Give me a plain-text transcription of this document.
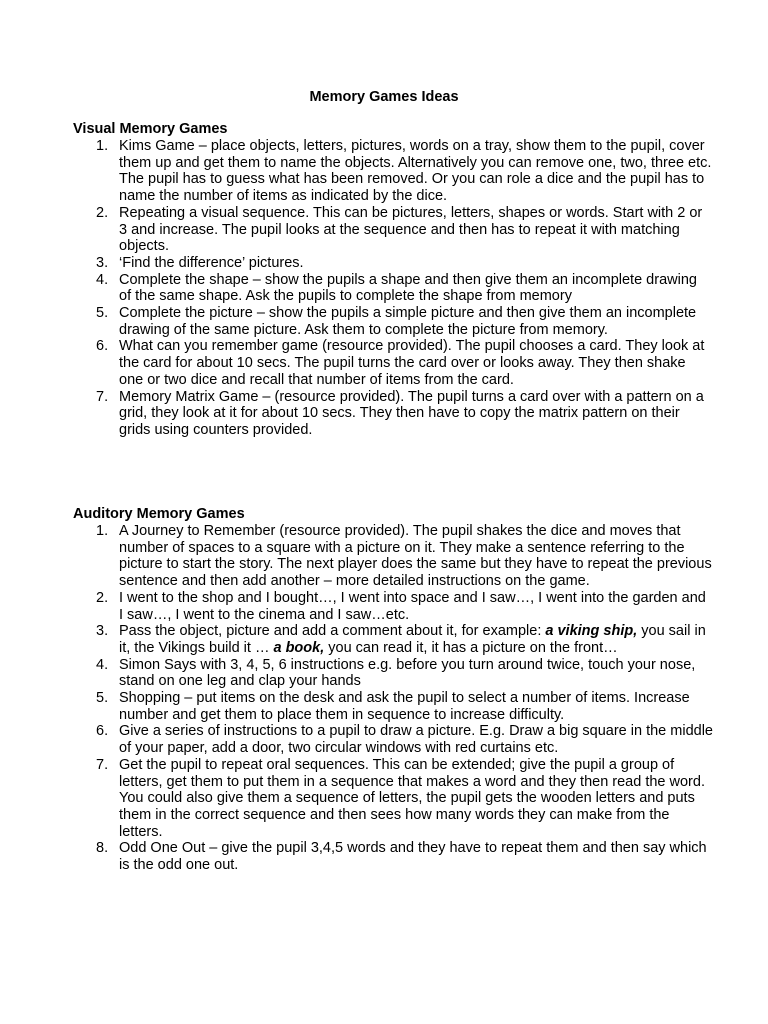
Memory Games Ideas
Visual Memory Games
1. Kims Game – place objects, letters, pictures, words on a tray, show them to the pupil, cover them up and get them to name the objects. Alternatively you can remove one, two, three etc. The pupil has to guess what has been removed. Or you can role a dice and the pupil has to name the number of items as indicated by the dice.
2. Repeating a visual sequence. This can be pictures, letters, shapes or words. Start with 2 or 3 and increase. The pupil looks at the sequence and then has to repeat it with matching objects.
3. ‘Find the difference’ pictures.
4. Complete the shape – show the pupils a shape and then give them an incomplete drawing of the same shape. Ask the pupils to complete the shape from memory
5. Complete the picture – show the pupils a simple picture and then give them an incomplete drawing of the same picture. Ask them to complete the picture from memory.
6. What can you remember game (resource provided). The pupil chooses a card. They look at the card for about 10 secs. The pupil turns the card over or looks away. They then shake one or two dice and recall that number of items from the card.
7. Memory Matrix Game – (resource provided). The pupil turns a card over with a pattern on a grid, they look at it for about 10 secs. They then have to copy the matrix pattern on their grids using counters provided.
Auditory Memory Games
1. A Journey to Remember (resource provided). The pupil shakes the dice and moves that number of spaces to a square with a picture on it. They make a sentence referring to the picture to start the story. The next player does the same but they have to repeat the previous sentence and then add another – more detailed instructions on the game.
2. I went to the shop and I bought…, I went into space and I saw…, I went into the garden and I saw…, I went to the cinema and I saw…etc.
3. Pass the object, picture and add a comment about it, for example: a viking ship, you sail in it, the Vikings build it … a book, you can read it, it has a picture on the front…
4. Simon Says with 3, 4, 5, 6 instructions e.g. before you turn around twice, touch your nose, stand on one leg and clap your hands
5. Shopping – put items on the desk and ask the pupil to select a number of items. Increase number and get them to place them in sequence to increase difficulty.
6. Give a series of instructions to a pupil to draw a picture. E.g. Draw a big square in the middle of your paper, add a door, two circular windows with red curtains etc.
7. Get the pupil to repeat oral sequences. This can be extended; give the pupil a group of letters, get them to put them in a sequence that makes a word and they then read the word. You could also give them a sequence of letters, the pupil gets the wooden letters and puts them in the correct sequence and then sees how many words they can make from the letters.
8. Odd One Out – give the pupil 3,4,5 words and they have to repeat them and then say which is the odd one out.
